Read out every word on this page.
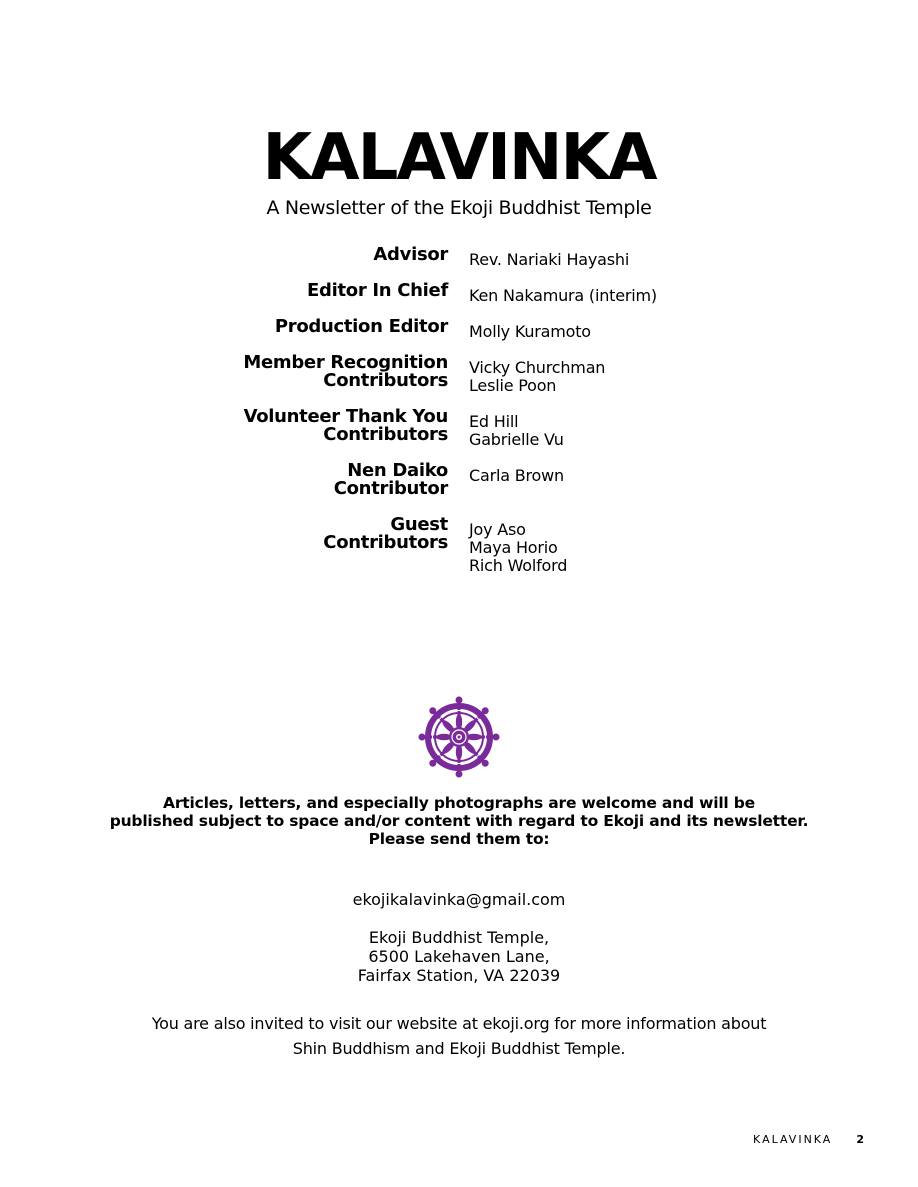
KALAVINKA

A Newsletter of the Ekoji Buddhist Temple

Advisor Rev. Nariaki Hayashi
Editor In Chief Ken Nakamura (interim)
Production Editor Molly Kuramoto
Member Recognition
Contributors
Vicky Churchman
Leslie Poon
Volunteer Thank You
Contributors
Ed Hill
Gabrielle Vu
Nen Daiko
Contributor
Carla Brown
Guest
Contributors
Joy Aso
Maya Horio
Rich Wolford
Articles, letters, and especially photographs are welcome and will be
published subject to space and/or content with regard to Ekoji and its newsletter.
Please send them to:
ekojikalavinka@gmail.com
Ekoji Buddhist Temple,
6500 Lakehaven Lane,
Fairfax Station, VA 22039
You are also invited to visit our website at ekoji.org for more information about
Shin Buddhism and Ekoji Buddhist Temple.
KALAVINKA 2
